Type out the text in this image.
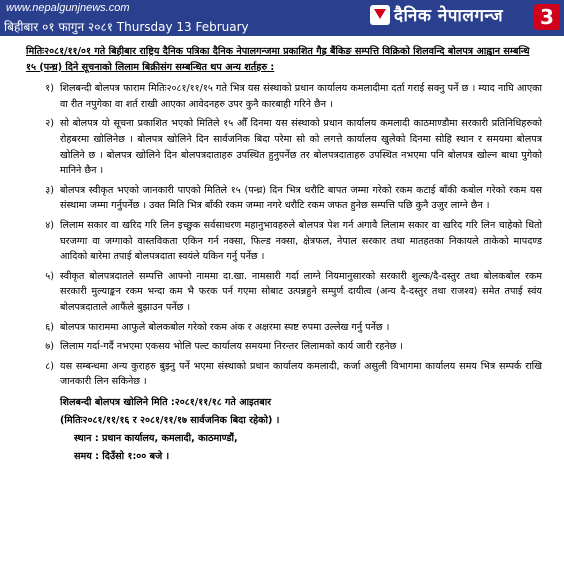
www.nepalgunjnews.com
बिहीबार ०१ फागुन २०८१ Thursday 13 February
दैनिक नेपालगन्ज	3
मितिः२०८१/११/०१ गते बिहीबार राष्ट्रिय दैनिक पत्रिका दैनिक नेपालगन्जमा प्रकाशित गैह्र बैंकिङ सम्पत्ति विक्रिको शिलवन्दि बोलपत्र आह्वान सम्बन्धि १५ (पन्ध्र) दिने सूचनाको लिलाम बिक्रीसंग सम्बन्धित थप अन्य शर्तहरु :
१) शिलबन्दी बोलपत्र फाराम मितिः२०८१/११/१५ गते भित्र यस संस्थाको प्रधान कार्यालय कमलादीमा दर्ता गराई सक्नु पर्ने छ । म्याद नाघि आएका वा रीत नपुगेका वा शर्त राखी आएका आवेदनहरु उपर कुनै कारबाही गरिने छैन ।
२) सो बोलपत्र यो सूचना प्रकाशित भएको मितिले १५ औँ दिनमा यस संस्थाको प्रधान कार्यालय कमलादी काठमाण्डौमा सरकारी प्रतिनिधिहरुको रोहबरमा खोलिनेछ । बोलपत्र खोलिने दिन सार्वजनिक बिदा परेमा सो को लगत्ते कार्यालय खुलेको दिनमा सोहि स्थान र समयमा बोलपत्र खोलिने छ । बोलपत्र खोलिने दिन बोलपत्रदाताहरु उपस्थित हुनुपर्नेछ तर बोलपत्रदाताहरु उपस्थित नभएमा पनि बोलपत्र खोल्न बाधा पुगेको मानिने छैन ।
३) बोलपत्र स्वीकृत भएको जानकारी पाएको मितिले १५ (पन्ध्र) दिन भित्र धरौटि बापत जम्मा गरेको रकम कटाई बाँकी कबोल गरेको रकम यस संस्थामा जम्मा गर्नुपर्नेछ । उक्त मिति भित्र बाँकी रकम जम्मा नगरे धरौटि रकम जफत हुनेछ सम्पत्ति पछि कुनै उजुर लाग्ने छैन ।
४) लिलाम सकार वा खरिद गरि लिन इच्छुक सर्वसाधरण महानुभावहरुले बोलपत्र पेश गर्न अगावै लिलाम सकार वा खरिद गरि लिन चाहेको धितो घरजग्गा वा जग्गाको वास्तविकता एकिन गर्न नक्सा, फिल्ड नक्सा, क्षेत्रफल, नेपाल सरकार तथा मातहतका निकायले ताकेको मापदण्ड आदिको बारेमा तपाई बोलपत्रदाता स्वयंले यकिन गर्नु पर्नेछ ।
५) स्वीकृत बोलपत्रदातले सम्पत्ति आफ्नो नाममा दा.खा. नामसारी गर्दा लाग्ने नियमानुसारको सरकारी शुल्क/दै-दस्तुर तथा बोलकबोल रकम सरकारी मुल्याङ्कन रकम भन्दा कम भै फरक पर्न गएमा सोबाट उत्पन्नहुने सम्पुर्ण दायीत्व (अन्य दै-दस्तुर तथा राजश्व) समेत तपाई स्वंय बोलपत्रदाताले आफैंले बुझाउन पर्नेछ ।
६) बोलपत्र फाराममा आफुले बोलकबोल गरेको रकम अंक र अक्षरमा स्पष्ट रुपमा उल्लेख गर्नु पर्नेछ ।
७) लिलाम गर्दा-गर्दै नभएमा एकसय भोलि पल्ट कार्यालय समयमा निरन्तर लिलामको कार्य जारी रहनेछ ।
८) यस सम्बन्धमा अन्य कुराहरु बुझ्नु पर्ने भएमा संस्थाको प्रधान कार्यालय कमलादी, कर्जा असुली विभागमा कार्यालय समय भित्र सम्पर्क राखि जानकारी लिन सकिनेछ ।
शिलबन्दी बोलपत्र खोलिने मिति :२०८१/११/१८ गते आइतबार
(मितिः२०८१/११/१६ र २०८१/११/१७ सार्वजनिक बिदा रहेको) ।
स्थान : प्रधान कार्यालय, कमलादी, काठमाण्डौं,
समय : दिउँसो १:०० बजे ।
